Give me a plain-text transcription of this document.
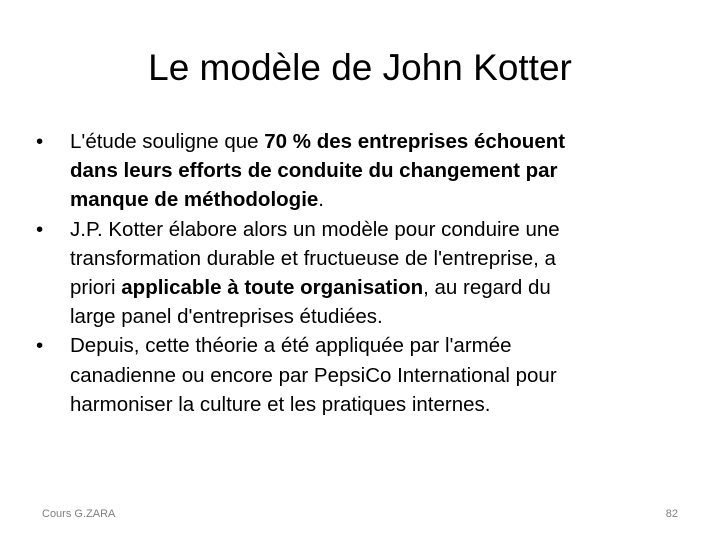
Le modèle de John Kotter
•	L'étude souligne que 70 % des entreprises échouent
dans leurs efforts de conduite du changement par
manque de méthodologie.
•	J.P. Kotter élabore alors un modèle pour conduire une
transformation durable et fructueuse de l'entreprise, a
priori applicable à toute organisation, au regard du
large panel d'entreprises étudiées.
•	Depuis, cette théorie a été appliquée par l'armée
canadienne ou encore par PepsiCo International pour
harmoniser la culture et les pratiques internes.
Cours G.ZARA	82
